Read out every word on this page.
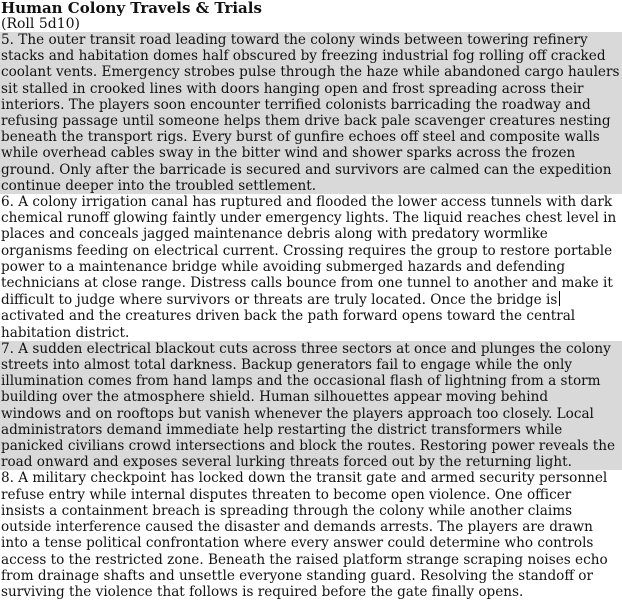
Human Colony Travels & Trials
(Roll 5d10)
5. The outer transit road leading toward the colony winds between towering refinery
stacks and habitation domes half obscured by freezing industrial fog rolling off cracked
coolant vents. Emergency strobes pulse through the haze while abandoned cargo haulers
sit stalled in crooked lines with doors hanging open and frost spreading across their
interiors. The players soon encounter terrified colonists barricading the roadway and
refusing passage until someone helps them drive back pale scavenger creatures nesting
beneath the transport rigs. Every burst of gunfire echoes off steel and composite walls
while overhead cables sway in the bitter wind and shower sparks across the frozen
ground. Only after the barricade is secured and survivors are calmed can the expedition
continue deeper into the troubled settlement.
6. A colony irrigation canal has ruptured and flooded the lower access tunnels with dark
chemical runoff glowing faintly under emergency lights. The liquid reaches chest level in
places and conceals jagged maintenance debris along with predatory wormlike
organisms feeding on electrical current. Crossing requires the group to restore portable
power to a maintenance bridge while avoiding submerged hazards and defending
technicians at close range. Distress calls bounce from one tunnel to another and make it
difficult to judge where survivors or threats are truly located. Once the bridge is
activated and the creatures driven back the path forward opens toward the central
habitation district.
7. A sudden electrical blackout cuts across three sectors at once and plunges the colony
streets into almost total darkness. Backup generators fail to engage while the only
illumination comes from hand lamps and the occasional flash of lightning from a storm
building over the atmosphere shield. Human silhouettes appear moving behind
windows and on rooftops but vanish whenever the players approach too closely. Local
administrators demand immediate help restarting the district transformers while
panicked civilians crowd intersections and block the routes. Restoring power reveals the
road onward and exposes several lurking threats forced out by the returning light.
8. A military checkpoint has locked down the transit gate and armed security personnel
refuse entry while internal disputes threaten to become open violence. One officer
insists a containment breach is spreading through the colony while another claims
outside interference caused the disaster and demands arrests. The players are drawn
into a tense political confrontation where every answer could determine who controls
access to the restricted zone. Beneath the raised platform strange scraping noises echo
from drainage shafts and unsettle everyone standing guard. Resolving the standoff or
surviving the violence that follows is required before the gate finally opens.
